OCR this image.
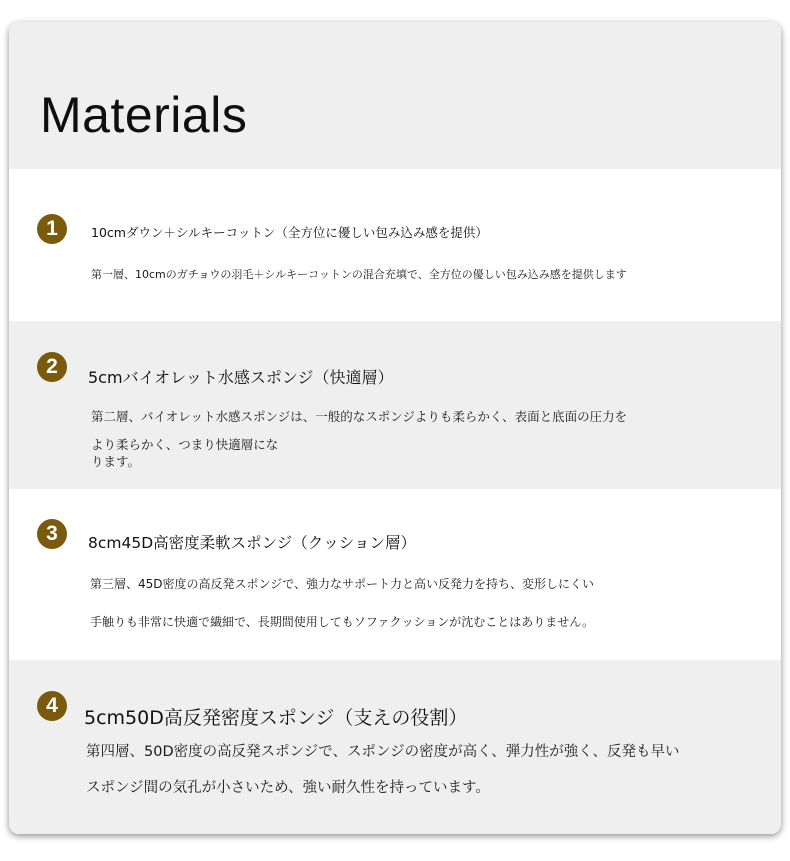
Materials
1	10cmダウン＋シルキーコットン（全方位に優しい包み込み感を提供）
第一層、10cmのガチョウの羽毛＋シルキーコットンの混合充填で、全方位の優しい包み込み感を提供します
2	5cmバイオレット水感スポンジ（快適層）
第二層、バイオレット水感スポンジは、一般的なスポンジよりも柔らかく、表面と底面の圧力を
より柔らかく、つまり快適層にな
ります。
3	8cm45D高密度柔軟スポンジ（クッション層）
第三層、45D密度の高反発スポンジで、強力なサポート力と高い反発力を持ち、変形しにくい
手触りも非常に快適で繊細で、長期間使用してもソファクッションが沈むことはありません。
4
5cm50D高反発密度スポンジ（支えの役割）
第四層、50D密度の高反発スポンジで、スポンジの密度が高く、弾力性が強く、反発も早い
スポンジ間の気孔が小さいため、強い耐久性を持っています。
